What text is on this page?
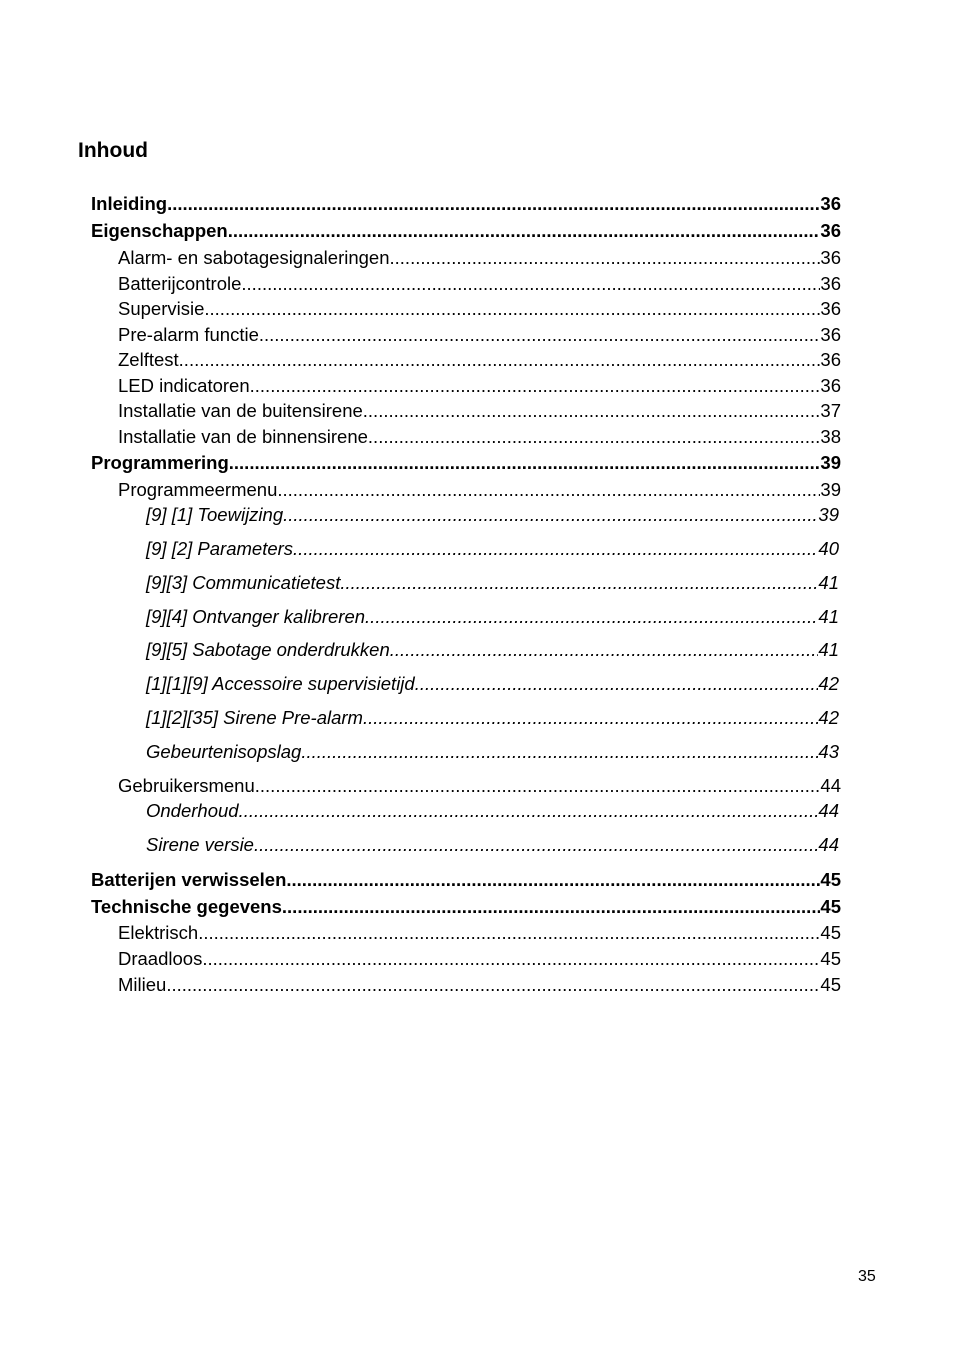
Inhoud
Inleiding .....	36
Eigenschappen .....	36
Alarm- en sabotagesignaleringen .....	36
Batterijcontrole .....	36
Supervisie .....	36
Pre-alarm functie .....	36
Zelftest .....	36
LED indicatoren .....	36
Installatie van de buitensirene .....	37
Installatie van de binnensirene .....	38
Programmering .....	39
Programmeermenu .....	39
[9] [1] Toewijzing .....	39
[9] [2] Parameters .....	40
[9][3] Communicatietest .....	41
[9][4] Ontvanger kalibreren .....	41
[9][5] Sabotage onderdrukken .....	41
[1][1][9] Accessoire supervisietijd .....	42
[1][2][35] Sirene Pre-alarm .....	42
Gebeurtenisopslag .....	43
Gebruikersmenu .....	44
Onderhoud .....	44
Sirene versie .....	44
Batterijen verwisselen .....	45
Technische gegevens .....	45
Elektrisch .....	45
Draadloos .....	45
Milieu .....	45
35
